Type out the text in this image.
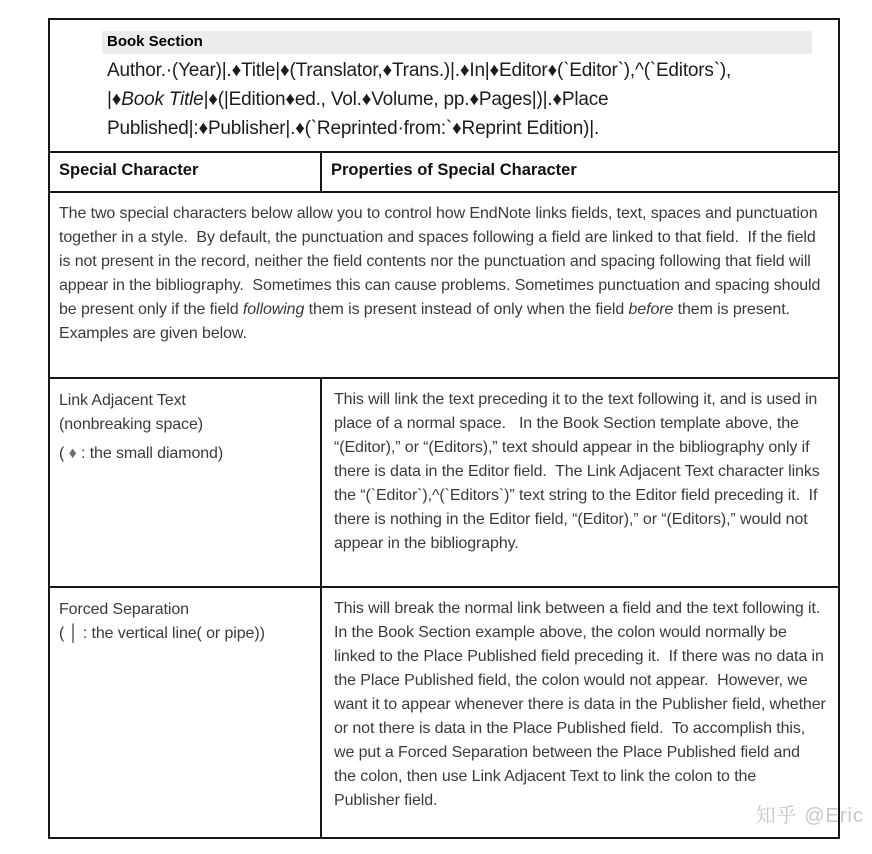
Book Section
Author.·(Year)|.♦Title|♦(Translator,♦Trans.)|.♦In|♦Editor♦(`Editor`),^(`Editors`),
|♦Book Title|♦(|Edition♦ed., Vol.♦Volume, pp.♦Pages|)|.♦Place
Published|:♦Publisher|.♦(`Reprinted·from:`♦Reprint Edition)|.	

Special Character	Properties of Special Character
The two special characters below allow you to control how EndNote links fields, text, spaces and punctuation together in a style.  By default, the punctuation and spaces following a field are linked to that field.  If the field is not present in the record, neither the field contents nor the punctuation and spacing following that field will appear in the bibliography.  Sometimes this can cause problems. Sometimes punctuation and spacing should be present only if the field following them is present instead of only when the field before them is present.  Examples are given below.	

Link Adjacent Text
(nonbreaking space)
( ♦ : the small diamond)
	This will link the text preceding it to the text following it, and is used in place of a normal space.   In the Book Section template above, the “(Editor),” or “(Editors),” text should appear in the bibliography only if there is data in the Editor field.  The Link Adjacent Text character links the “(`Editor`),^(`Editors`)” text string to the Editor field preceding it.  If there is nothing in the Editor field, “(Editor),” or “(Editors),” would not appear in the bibliography.

Forced Separation
( │ : the vertical line( or pipe))	This will break the normal link between a field and the text following it.  In the Book Section example above, the colon would normally be linked to the Place Published field preceding it.  If there was no data in the Place Published field, the colon would not appear.  However, we want it to appear whenever there is data in the Publisher field, whether or not there is data in the Place Published field.  To accomplish this, we put a Forced Separation between the Place Published field and the colon, then use Link Adjacent Text to link the colon to the Publisher field.
知乎 @Eric
